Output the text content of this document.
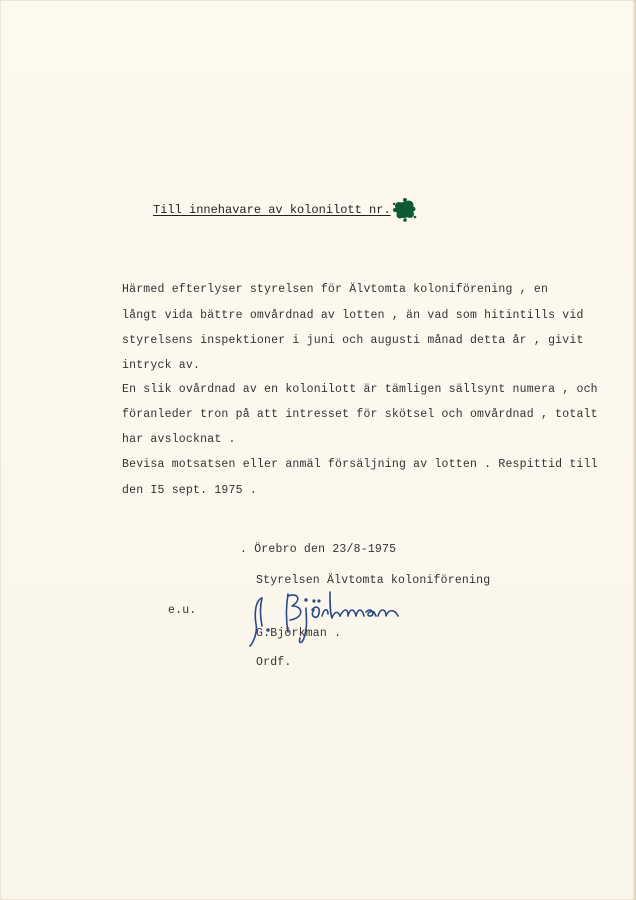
Till innehavare av kolonilott nr.
Härmed efterlyser styrelsen för Älvtomta koloniförening , en
långt vida bättre omvårdnad av lotten , än vad som hitintills vid
styrelsens inspektioner i juni och augusti månad detta år , givit
intryck av.
En slik ovårdnad av en kolonilott är tämligen sällsynt numera , och
föranleder tron på att intresset för skötsel och omvårdnad , totalt
har avslocknat .
Bevisa motsatsen eller anmäl försäljning av lotten . Respittid till
den I5 sept. 1975 .
. Örebro den 23/8-1975
Styrelsen Älvtomta koloniförening
e.u.
G.Björkman .
Ordf.
